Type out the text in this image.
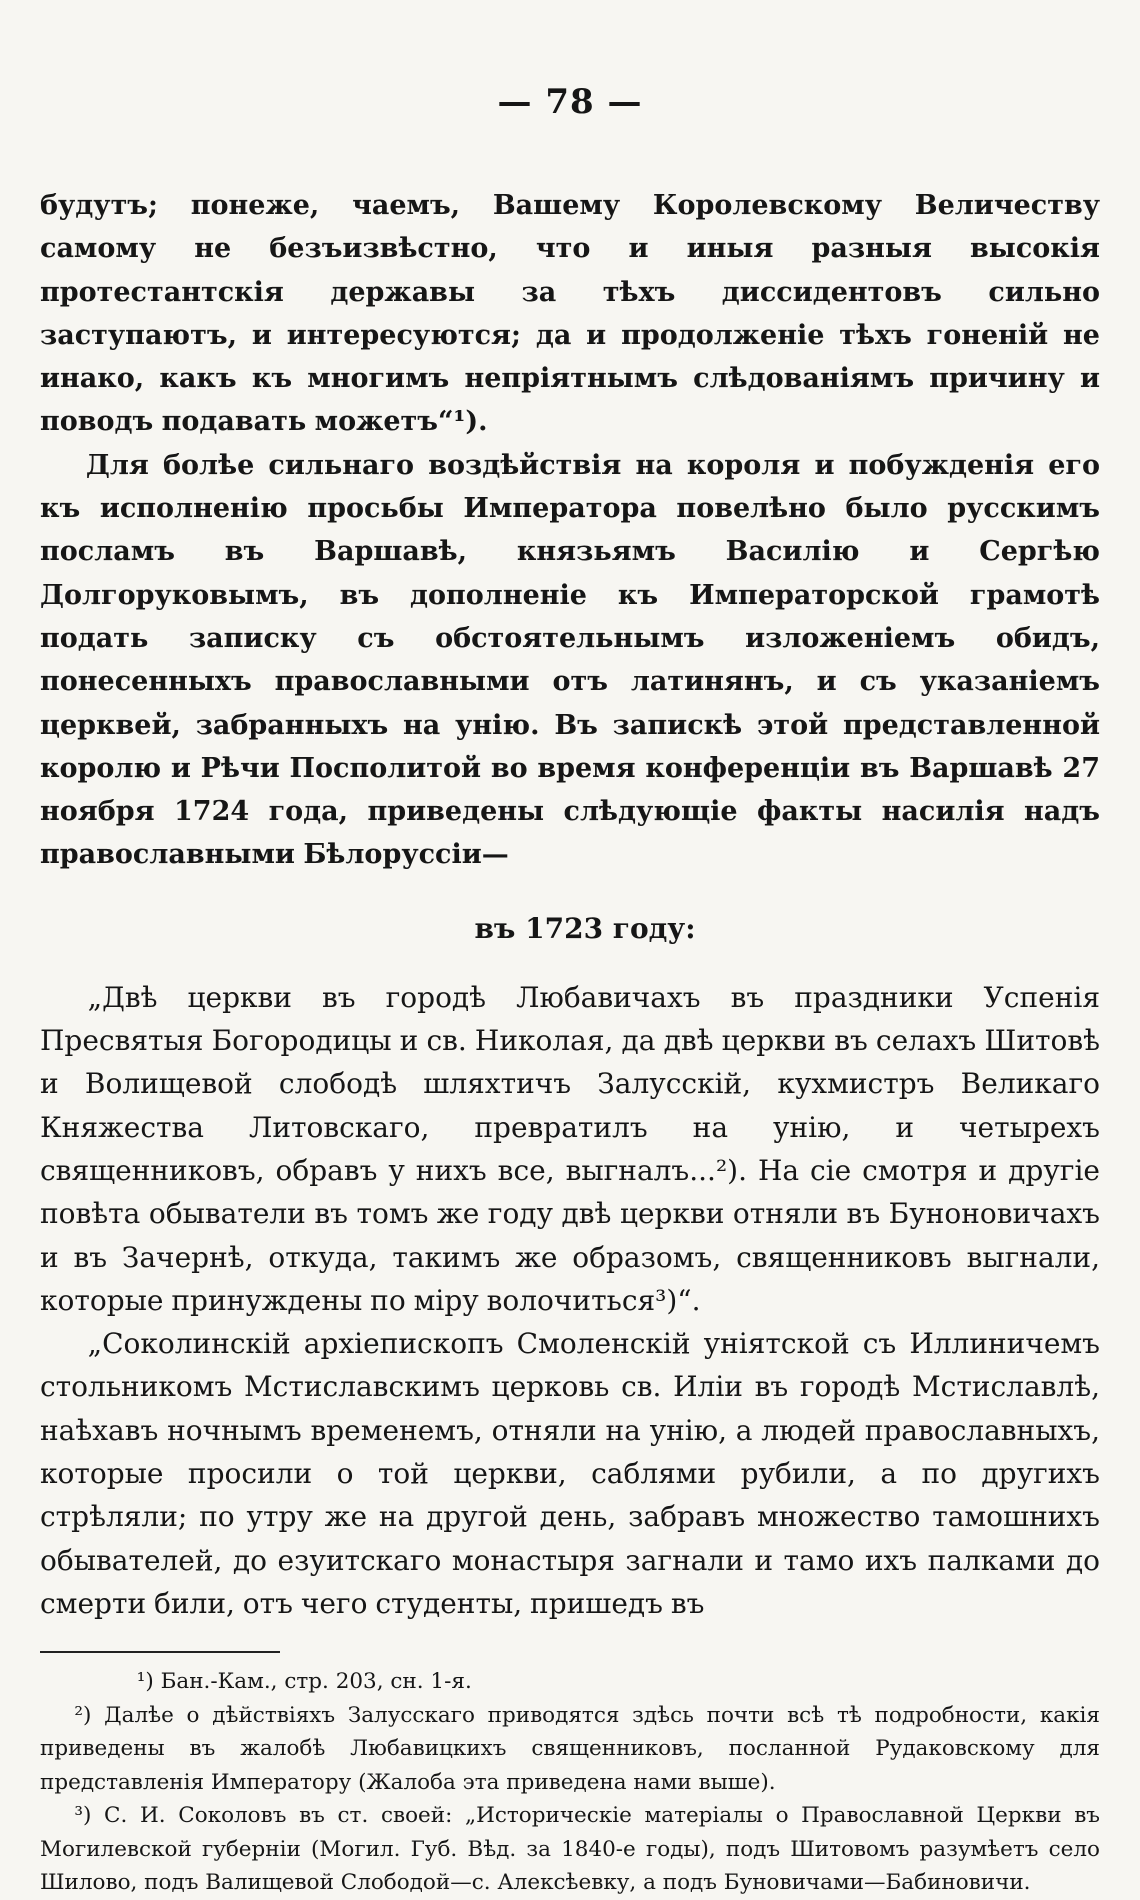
— 78 —

будутъ; понеже, чаемъ, Вашему Королевскому Величеству самому не безъизвѣстно, что и иныя разныя высокія протестантскія державы за тѣхъ диссидентовъ сильно заступаютъ, и интересуются; да и продолженіе тѣхъ гоненій не инако, какъ къ многимъ непріятнымъ слѣдованіямъ причину и поводъ подавать можетъ“¹).

Для болѣе сильнаго воздѣйствія на короля и побужденія его къ исполненію просьбы Императора повелѣно было русскимъ посламъ въ Варшавѣ, князьямъ Василію и Сергѣю Долгоруковымъ, въ дополненіе къ Императорской грамотѣ подать записку съ обстоятельнымъ изложеніемъ обидъ, понесенныхъ православными отъ латинянъ, и съ указаніемъ церквей, забранныхъ на унію. Въ запискѣ этой представленной королю и Рѣчи Посполитой во время конференціи въ Варшавѣ 27 ноября 1724 года, приведены слѣдующіе факты насилія надъ православными Бѣлоруссіи—

въ 1723 году:

„Двѣ церкви въ городѣ Любавичахъ въ праздники Успенія Пресвятыя Богородицы и св. Николая, да двѣ церкви въ селахъ Шитовѣ и Волищевой слободѣ шляхтичъ Залусскій, кухмистръ Великаго Княжества Литовскаго, превратилъ на унію, и четырехъ священниковъ, обравъ у нихъ все, выгналъ...²). На сіе смотря и другіе повѣта обыватели въ томъ же году двѣ церкви отняли въ Буноновичахъ и въ Зачернѣ, откуда, такимъ же образомъ, священниковъ выгнали, которые принуждены по міру волочиться³)“.

„Соколинскій архіепископъ Смоленскій уніятской съ Иллиничемъ стольникомъ Мстиславскимъ церковь св. Иліи въ городѣ Мстиславлѣ, наѣхавъ ночнымъ временемъ, отняли на унію, а людей православныхъ, которые просили о той церкви, саблями рубили, а по другихъ стрѣляли; по утру же на другой день, забравъ множество тамошнихъ обывателей, до езуитскаго монастыря загнали и тамо ихъ палками до смерти били, отъ чего студенты, пришедъ въ

¹) Бан.-Кам., стр. 203, сн. 1-я.

²) Далѣе о дѣйствіяхъ Залусскаго приводятся здѣсь почти всѣ тѣ подробности, какія приведены въ жалобѣ Любавицкихъ священниковъ, посланной Рудаковскому для представленія Императору (Жалоба эта приведена нами выше).

³) С. И. Соколовъ въ ст. своей: „Историческіе матеріалы о Православной Церкви въ Могилевской губерніи (Могил. Губ. Вѣд. за 1840-е годы), подъ Шитовомъ разумѣетъ село Шилово, подъ Валищевой Слободой—с. Алексѣевку, а подъ Буновичами—Бабиновичи.
